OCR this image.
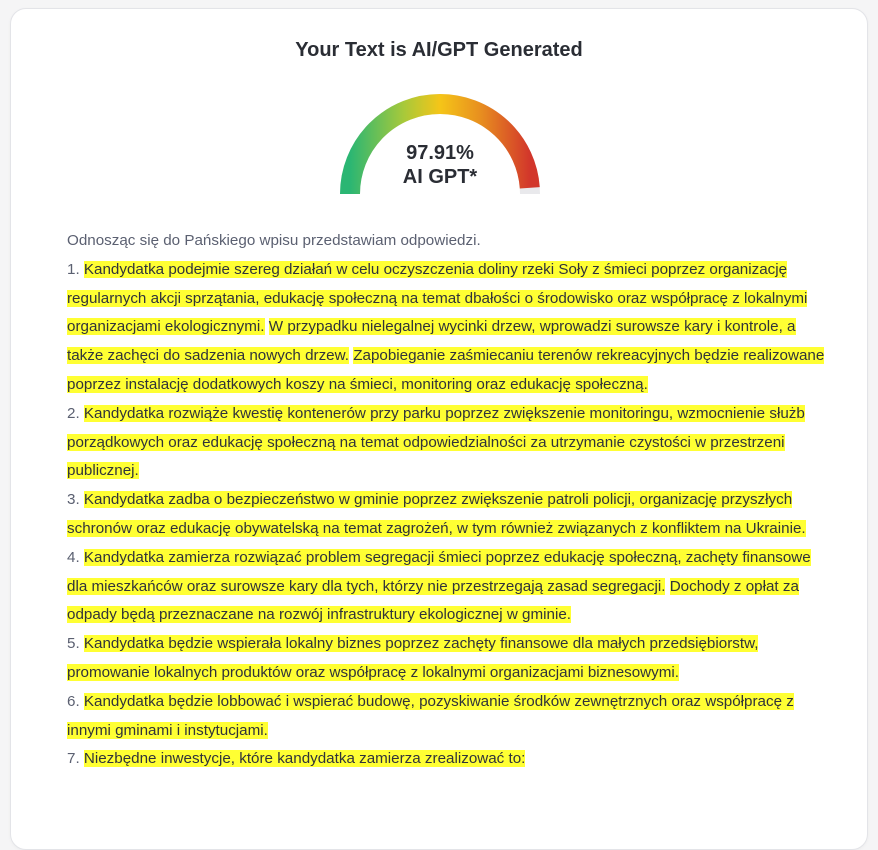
Your Text is AI/GPT Generated
97.91%
AI GPT*
Odnosząc się do Pańskiego wpisu przedstawiam odpowiedzi.
1. Kandydatka podejmie szereg działań w celu oczyszczenia doliny rzeki Soły z śmieci poprzez organizację regularnych akcji sprzątania, edukację społeczną na temat dbałości o środowisko oraz współpracę z lokalnymi organizacjami ekologicznymi. W przypadku nielegalnej wycinki drzew, wprowadzi surowsze kary i kontrole, a także zachęci do sadzenia nowych drzew. Zapobieganie zaśmiecaniu terenów rekreacyjnych będzie realizowane poprzez instalację dodatkowych koszy na śmieci, monitoring oraz edukację społeczną.
2. Kandydatka rozwiąże kwestię kontenerów przy parku poprzez zwiększenie monitoringu, wzmocnienie służb porządkowych oraz edukację społeczną na temat odpowiedzialności za utrzymanie czystości w przestrzeni publicznej.
3. Kandydatka zadba o bezpieczeństwo w gminie poprzez zwiększenie patroli policji, organizację przyszłych schronów oraz edukację obywatelską na temat zagrożeń, w tym również związanych z konfliktem na Ukrainie.
4. Kandydatka zamierza rozwiązać problem segregacji śmieci poprzez edukację społeczną, zachęty finansowe dla mieszkańców oraz surowsze kary dla tych, którzy nie przestrzegają zasad segregacji. Dochody z opłat za odpady będą przeznaczane na rozwój infrastruktury ekologicznej w gminie.
5. Kandydatka będzie wspierała lokalny biznes poprzez zachęty finansowe dla małych przedsiębiorstw, promowanie lokalnych produktów oraz współpracę z lokalnymi organizacjami biznesowymi.
6. Kandydatka będzie lobbować i wspierać budowę, pozyskiwanie środków zewnętrznych oraz współpracę z innymi gminami i instytucjami.
7. Niezbędne inwestycje, które kandydatka zamierza zrealizować to:
